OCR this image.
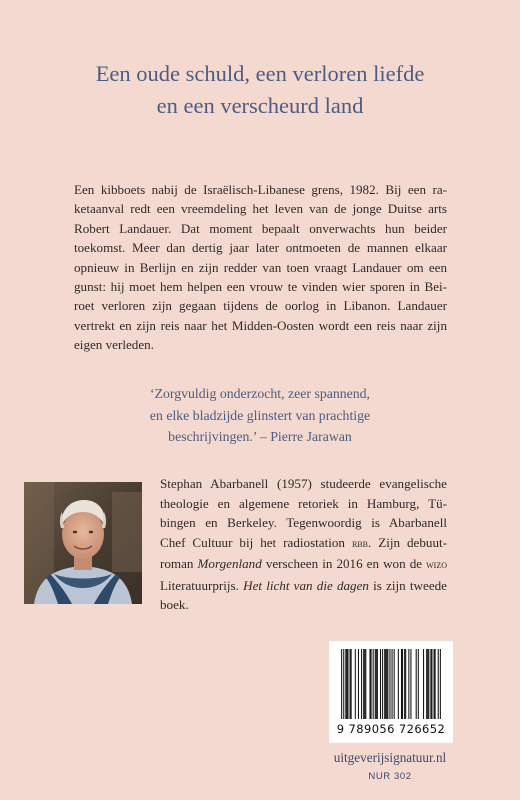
Een oude schuld, een verloren liefde
en een verscheurd land
Een kibboets nabij de Israëlisch-Libanese grens, 1982. Bij een ra-
ketaanval redt een vreemdeling het leven van de jonge Duitse arts
Robert Landauer. Dat moment bepaalt onverwachts hun beider
toekomst. Meer dan dertig jaar later ontmoeten de mannen elkaar
opnieuw in Berlijn en zijn redder van toen vraagt Landauer om een
gunst: hij moet hem helpen een vrouw te vinden wier sporen in Bei-
roet verloren zijn gegaan tijdens de oorlog in Libanon. Landauer
vertrekt en zijn reis naar het Midden-Oosten wordt een reis naar zijn
eigen verleden.
‘Zorgvuldig onderzocht, zeer spannend,
en elke bladzijde glinstert van prachtige
beschrijvingen.’ – Pierre Jarawan
Stephan Abarbanell (1957) studeerde evangelische
theologie en algemene retoriek in Hamburg, Tü-
bingen en Berkeley. Tegenwoordig is Abarbanell
Chef Cultuur bij het radiostation rbb. Zijn debuut-
roman Morgenland verscheen in 2016 en won de wizo
Literatuurprijs. Het licht van die dagen is zijn tweede
boek.
9 789056 726652
uitgeverijsignatuur.nl
NUR 302
